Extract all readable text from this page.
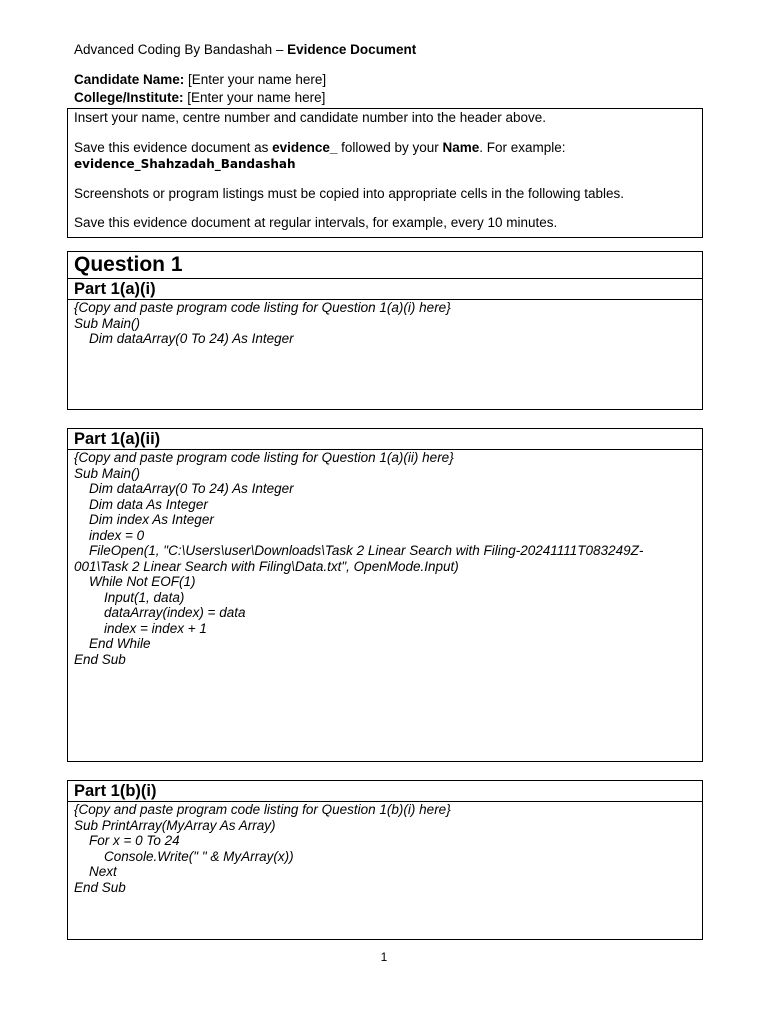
Advanced Coding By Bandashah – Evidence Document
Candidate Name: [Enter your name here]
College/Institute: [Enter your name here]

Insert your name, centre number and candidate number into the header above.

Save this evidence document as evidence_ followed by your Name. For example:

evidence_Shahzadah_Bandashah

Screenshots or program listings must be copied into appropriate cells in the following tables.

Save this evidence document at regular intervals, for example, every 10 minutes.

Question 1
Part 1(a)(i)
{Copy and paste program code listing for Question 1(a)(i) here}
Sub Main()
Dim dataArray(0 To 24) As Integer
Part 1(a)(ii)
{Copy and paste program code listing for Question 1(a)(ii) here}
Sub Main()
Dim dataArray(0 To 24) As Integer
Dim data As Integer
Dim index As Integer
index = 0
FileOpen(1, "C:\Users\user\Downloads\Task 2 Linear Search with Filing-20241111T083249Z-001\Task 2 Linear Search with Filing\Data.txt", OpenMode.Input)
While Not EOF(1)
Input(1, data)
dataArray(index) = data
index = index + 1
End While
End Sub
Part 1(b)(i)
{Copy and paste program code listing for Question 1(b)(i) here}
Sub PrintArray(MyArray As Array)
For x = 0 To 24
Console.Write(" " & MyArray(x))
Next
End Sub
1
